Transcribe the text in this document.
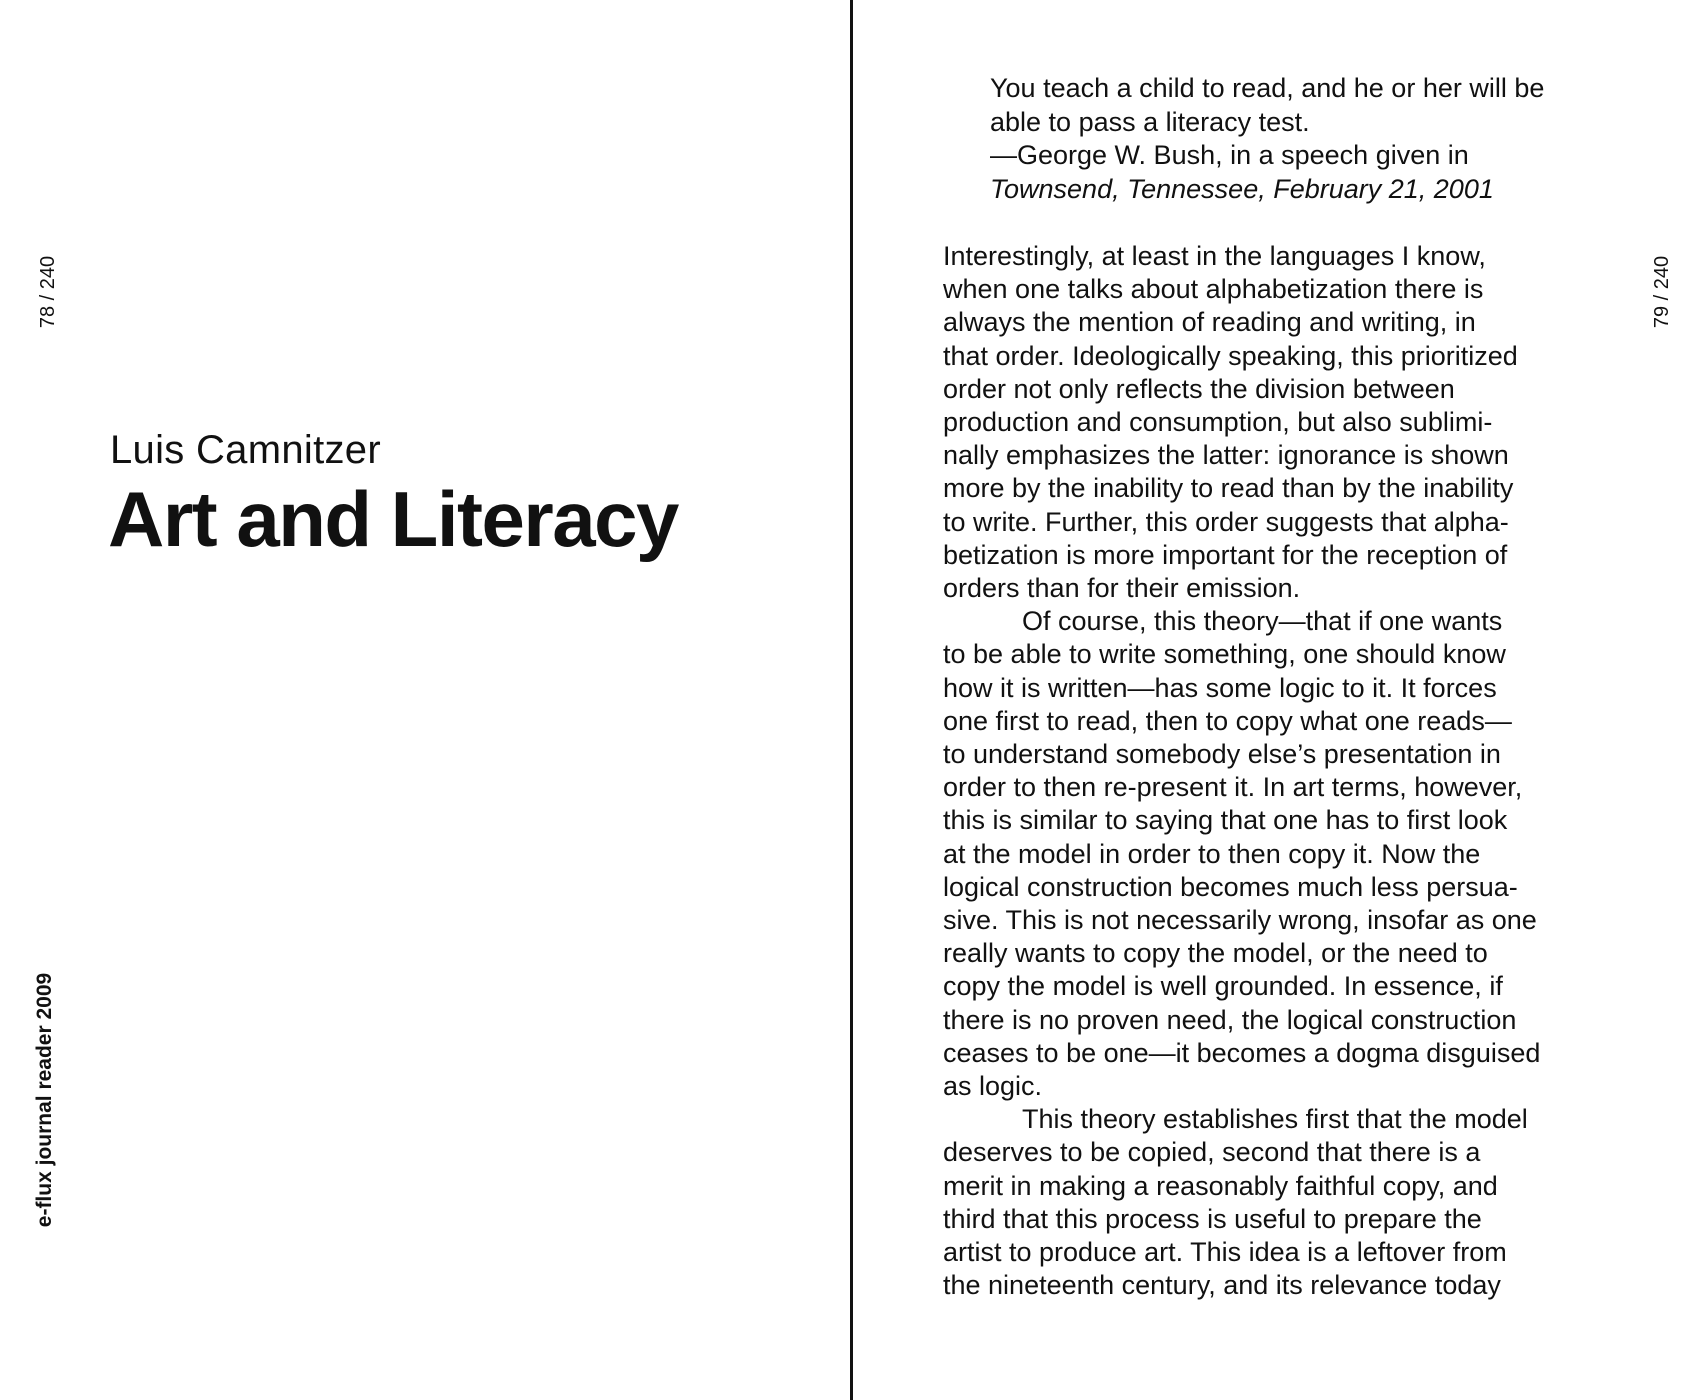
78 / 240
Luis Camnitzer
Art and Literacy
e-flux journal reader 2009
79 / 240
You teach a child to read, and he or her will be
able to pass a literacy test.
—George W. Bush, in a speech given in
Townsend, Tennessee, February 21, 2001
Interestingly, at least in the languages I know,
when one talks about alphabetization there is
always the mention of reading and writing, in
that order. Ideologically speaking, this prioritized
order not only reflects the division between
production and consumption, but also sublimi-
nally emphasizes the latter: ignorance is shown
more by the inability to read than by the inability
to write. Further, this order suggests that alpha-
betization is more important for the reception of
orders than for their emission.
Of course, this theory—that if one wants
to be able to write something, one should know
how it is written—has some logic to it. It forces
one first to read, then to copy what one reads—
to understand somebody else’s presentation in
order to then re-present it. In art terms, however,
this is similar to saying that one has to first look
at the model in order to then copy it. Now the
logical construction becomes much less persua-
sive. This is not necessarily wrong, insofar as one
really wants to copy the model, or the need to
copy the model is well grounded. In essence, if
there is no proven need, the logical construction
ceases to be one—it becomes a dogma disguised
as logic.
This theory establishes first that the model
deserves to be copied, second that there is a
merit in making a reasonably faithful copy, and
third that this process is useful to prepare the
artist to produce art. This idea is a leftover from
the nineteenth century, and its relevance today
